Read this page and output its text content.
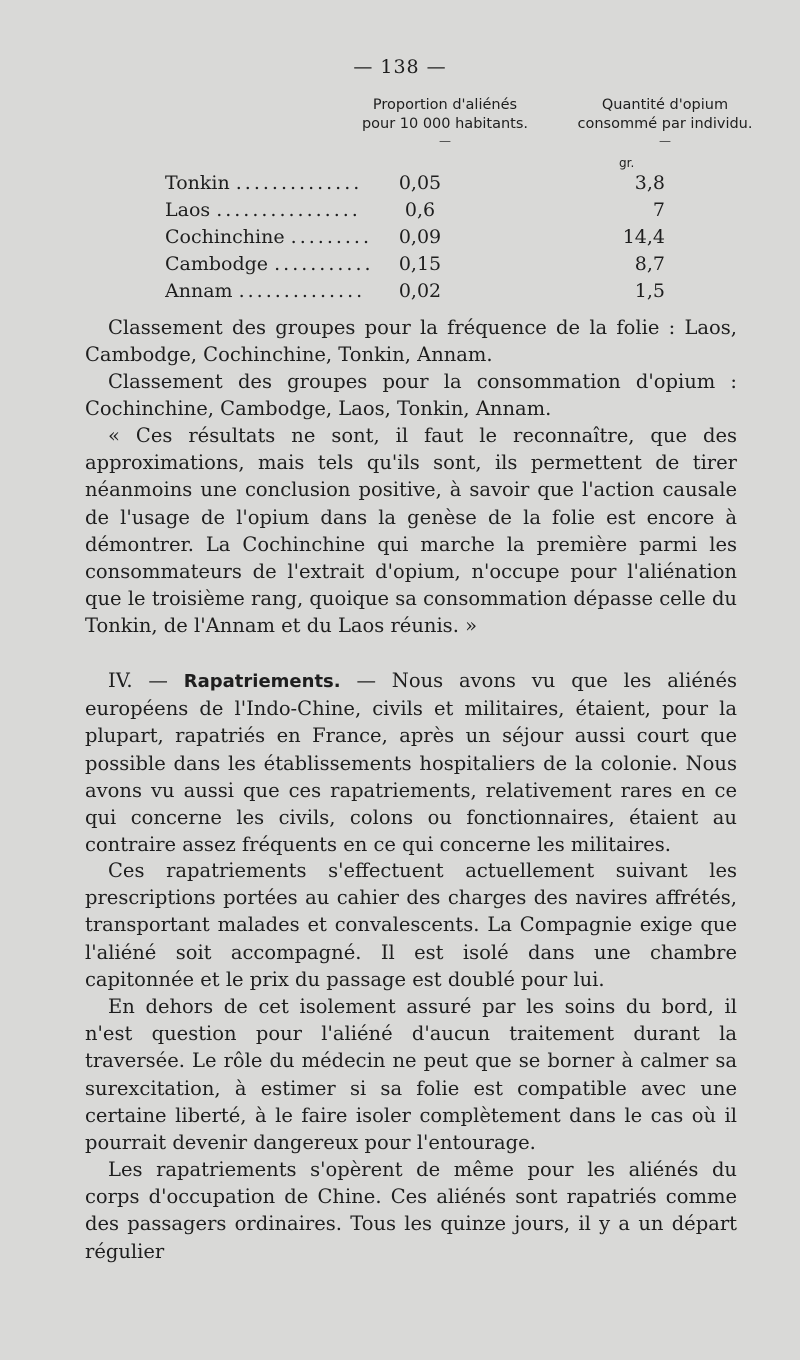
— 138 —
Proportion d'aliénés
pour 10 000 habitants.
—
Quantité d'opium
consommé par individu.
—
gr.
Tonkin ..............	0,05	3,8
Laos ................	0,6	7
Cochinchine .........	0,09	14,4
Cambodge ...........	0,15	8,7
Annam ..............	0,02	1,5

Classement des groupes pour la fréquence de la folie : Laos, Cambodge, Cochinchine, Tonkin, Annam.

Classement des groupes pour la consommation d'opium : Cochinchine, Cambodge, Laos, Tonkin, Annam.

« Ces résultats ne sont, il faut le reconnaître, que des approximations, mais tels qu'ils sont, ils permettent de tirer néanmoins une conclusion positive, à savoir que l'action causale de l'usage de l'opium dans la genèse de la folie est encore à démontrer. La Cochinchine qui marche la première parmi les consommateurs de l'extrait d'opium, n'occupe pour l'aliénation que le troisième rang, quoique sa consommation dépasse celle du Tonkin, de l'Annam et du Laos réunis. »

IV. — Rapatriements. — Nous avons vu que les aliénés européens de l'Indo-Chine, civils et militaires, étaient, pour la plupart, rapatriés en France, après un séjour aussi court que possible dans les établissements hospitaliers de la colonie. Nous avons vu aussi que ces rapatriements, relativement rares en ce qui concerne les civils, colons ou fonctionnaires, étaient au contraire assez fréquents en ce qui concerne les militaires.

Ces rapatriements s'effectuent actuellement suivant les prescriptions portées au cahier des charges des navires affrétés, transportant malades et convalescents. La Compagnie exige que l'aliéné soit accompagné. Il est isolé dans une chambre capitonnée et le prix du passage est doublé pour lui.

En dehors de cet isolement assuré par les soins du bord, il n'est question pour l'aliéné d'aucun traitement durant la traversée. Le rôle du médecin ne peut que se borner à calmer sa surexcitation, à estimer si sa folie est compatible avec une certaine liberté, à le faire isoler complètement dans le cas où il pourrait devenir dangereux pour l'entourage.

Les rapatriements s'opèrent de même pour les aliénés du corps d'occupation de Chine. Ces aliénés sont rapatriés comme des passagers ordinaires. Tous les quinze jours, il y a un départ régulier
